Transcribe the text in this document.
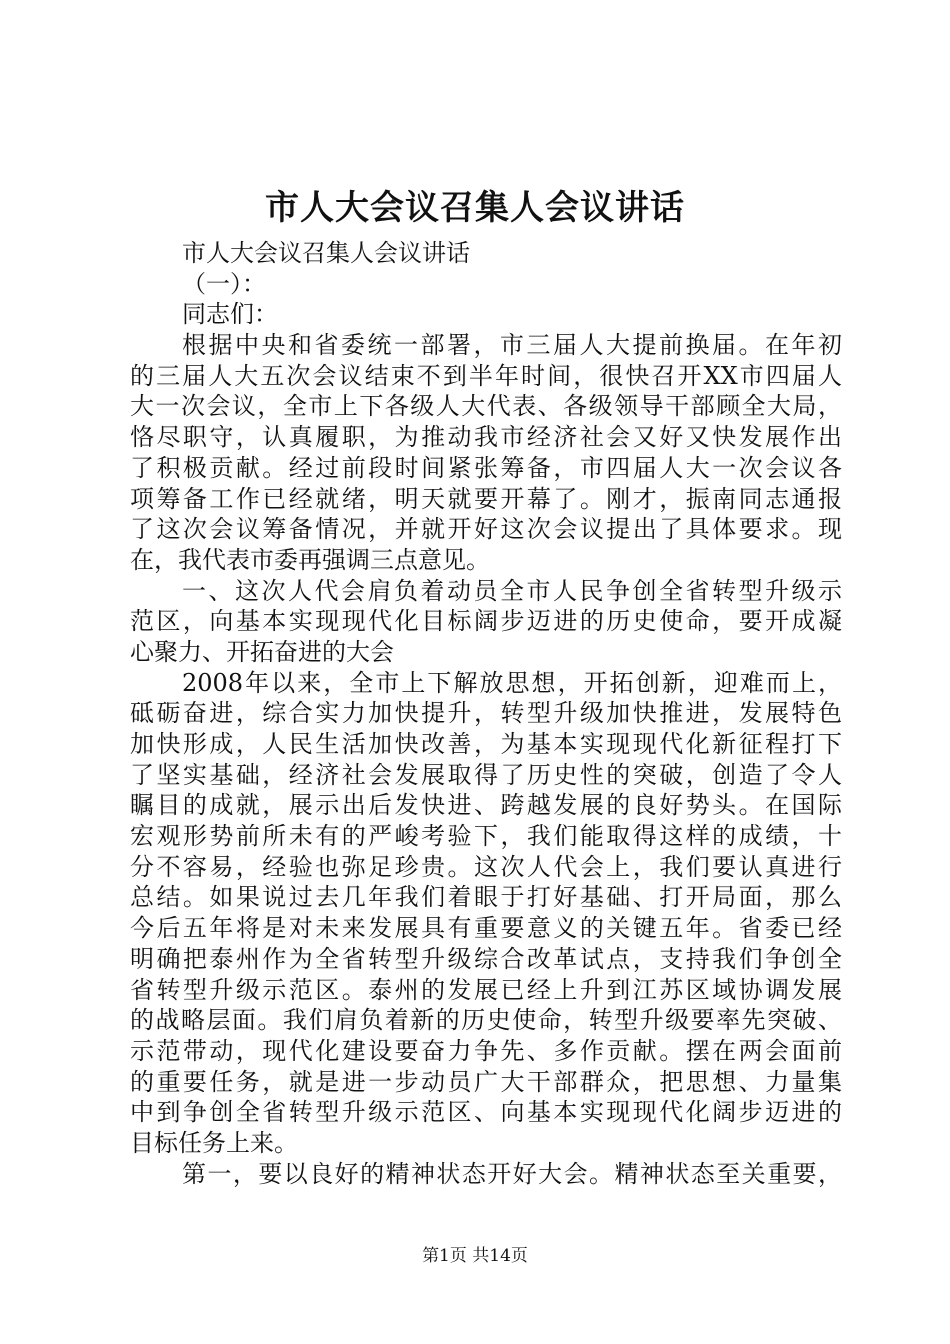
市人大会议召集人会议讲话
市人大会议召集人会议讲话
（一）：
同志们：
根据中央和省委统一部署，市三届人大提前换届。在年初
的三届人大五次会议结束不到半年时间，很快召开XX市四届人
大一次会议，全市上下各级人大代表、各级领导干部顾全大局，
恪尽职守，认真履职，为推动我市经济社会又好又快发展作出
了积极贡献。经过前段时间紧张筹备，市四届人大一次会议各
项筹备工作已经就绪，明天就要开幕了。刚才，振南同志通报
了这次会议筹备情况，并就开好这次会议提出了具体要求。现
在，我代表市委再强调三点意见。
一、这次人代会肩负着动员全市人民争创全省转型升级示
范区，向基本实现现代化目标阔步迈进的历史使命，要开成凝
心聚力、开拓奋进的大会
2008年以来，全市上下解放思想，开拓创新，迎难而上，
砥砺奋进，综合实力加快提升，转型升级加快推进，发展特色
加快形成，人民生活加快改善，为基本实现现代化新征程打下
了坚实基础，经济社会发展取得了历史性的突破，创造了令人
瞩目的成就，展示出后发快进、跨越发展的良好势头。在国际
宏观形势前所未有的严峻考验下，我们能取得这样的成绩，十
分不容易，经验也弥足珍贵。这次人代会上，我们要认真进行
总结。如果说过去几年我们着眼于打好基础、打开局面，那么
今后五年将是对未来发展具有重要意义的关键五年。省委已经
明确把泰州作为全省转型升级综合改革试点，支持我们争创全
省转型升级示范区。泰州的发展已经上升到江苏区域协调发展
的战略层面。我们肩负着新的历史使命，转型升级要率先突破、
示范带动，现代化建设要奋力争先、多作贡献。摆在两会面前
的重要任务，就是进一步动员广大干部群众，把思想、力量集
中到争创全省转型升级示范区、向基本实现现代化阔步迈进的
目标任务上来。
第一，要以良好的精神状态开好大会。精神状态至关重要，
第1页 共14页
